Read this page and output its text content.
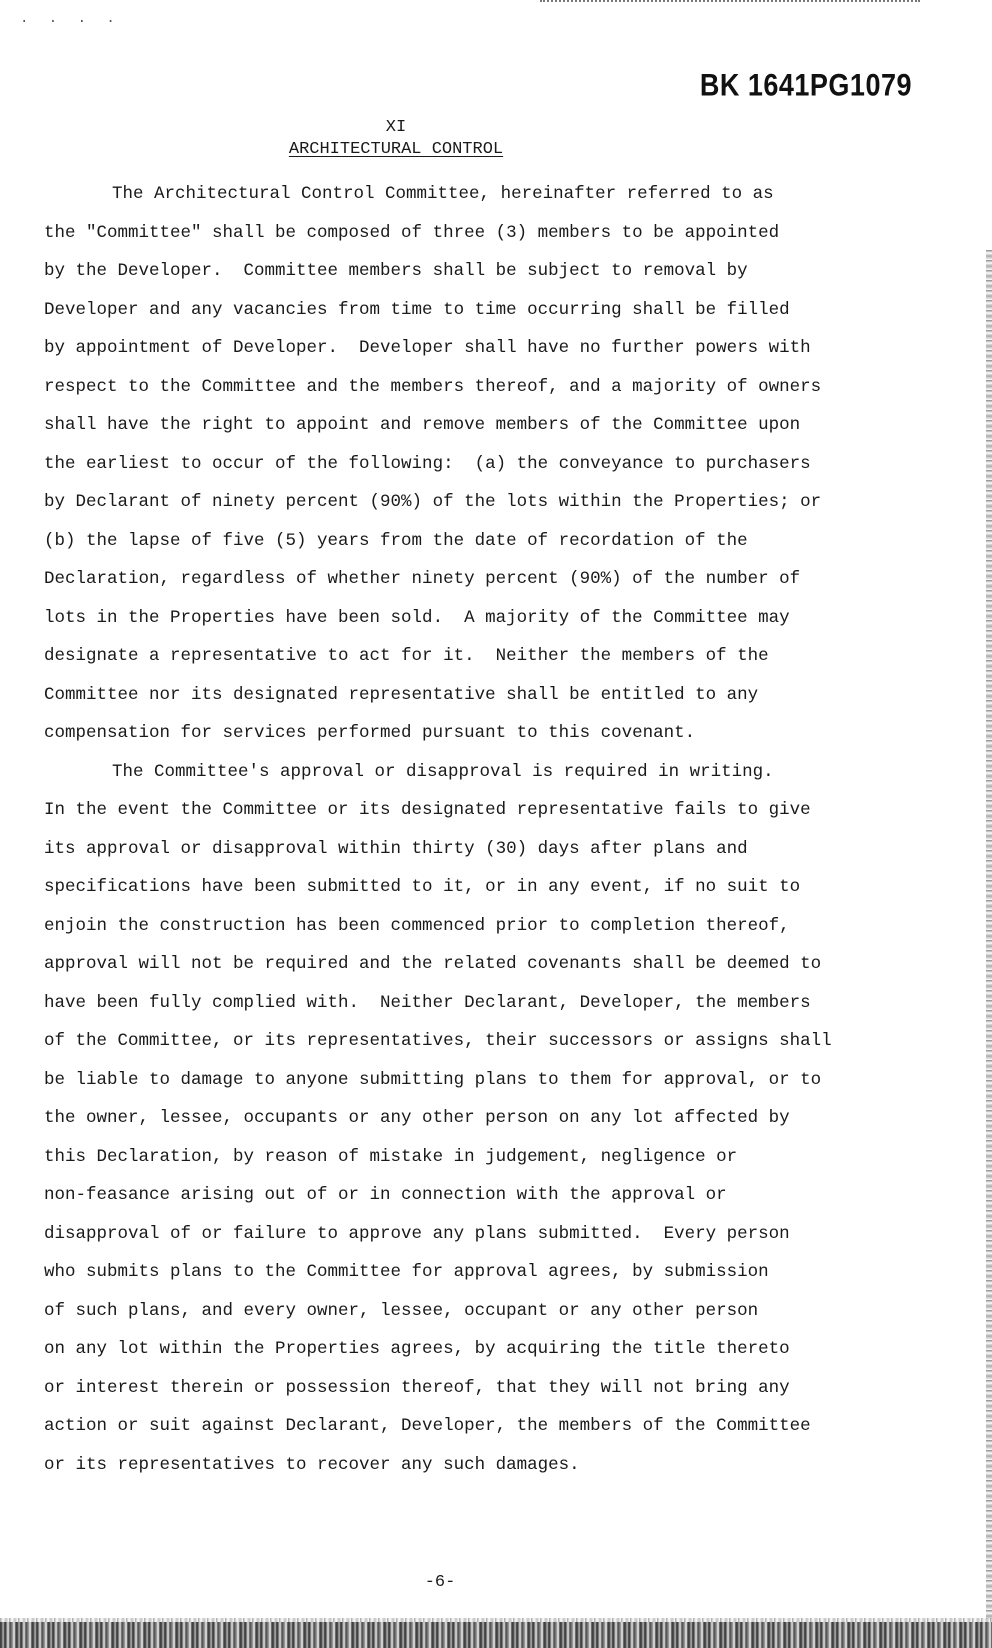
· · · ·
BK 1641PG1079
XI
ARCHITECTURAL CONTROL
The Architectural Control Committee, hereinafter referred to as
the "Committee" shall be composed of three (3) members to be appointed
by the Developer.  Committee members shall be subject to removal by
Developer and any vacancies from time to time occurring shall be filled
by appointment of Developer.  Developer shall have no further powers with
respect to the Committee and the members thereof, and a majority of owners
shall have the right to appoint and remove members of the Committee upon
the earliest to occur of the following:  (a) the conveyance to purchasers
by Declarant of ninety percent (90%) of the lots within the Properties; or
(b) the lapse of five (5) years from the date of recordation of the
Declaration, regardless of whether ninety percent (90%) of the number of
lots in the Properties have been sold.  A majority of the Committee may
designate a representative to act for it.  Neither the members of the
Committee nor its designated representative shall be entitled to any
compensation for services performed pursuant to this covenant.
The Committee's approval or disapproval is required in writing.
In the event the Committee or its designated representative fails to give
its approval or disapproval within thirty (30) days after plans and
specifications have been submitted to it, or in any event, if no suit to
enjoin the construction has been commenced prior to completion thereof,
approval will not be required and the related covenants shall be deemed to
have been fully complied with.  Neither Declarant, Developer, the members
of the Committee, or its representatives, their successors or assigns shall
be liable to damage to anyone submitting plans to them for approval, or to
the owner, lessee, occupants or any other person on any lot affected by
this Declaration, by reason of mistake in judgement, negligence or
non-feasance arising out of or in connection with the approval or
disapproval of or failure to approve any plans submitted.  Every person
who submits plans to the Committee for approval agrees, by submission
of such plans, and every owner, lessee, occupant or any other person
on any lot within the Properties agrees, by acquiring the title thereto
or interest therein or possession thereof, that they will not bring any
action or suit against Declarant, Developer, the members of the Committee
or its representatives to recover any such damages.
-6-
